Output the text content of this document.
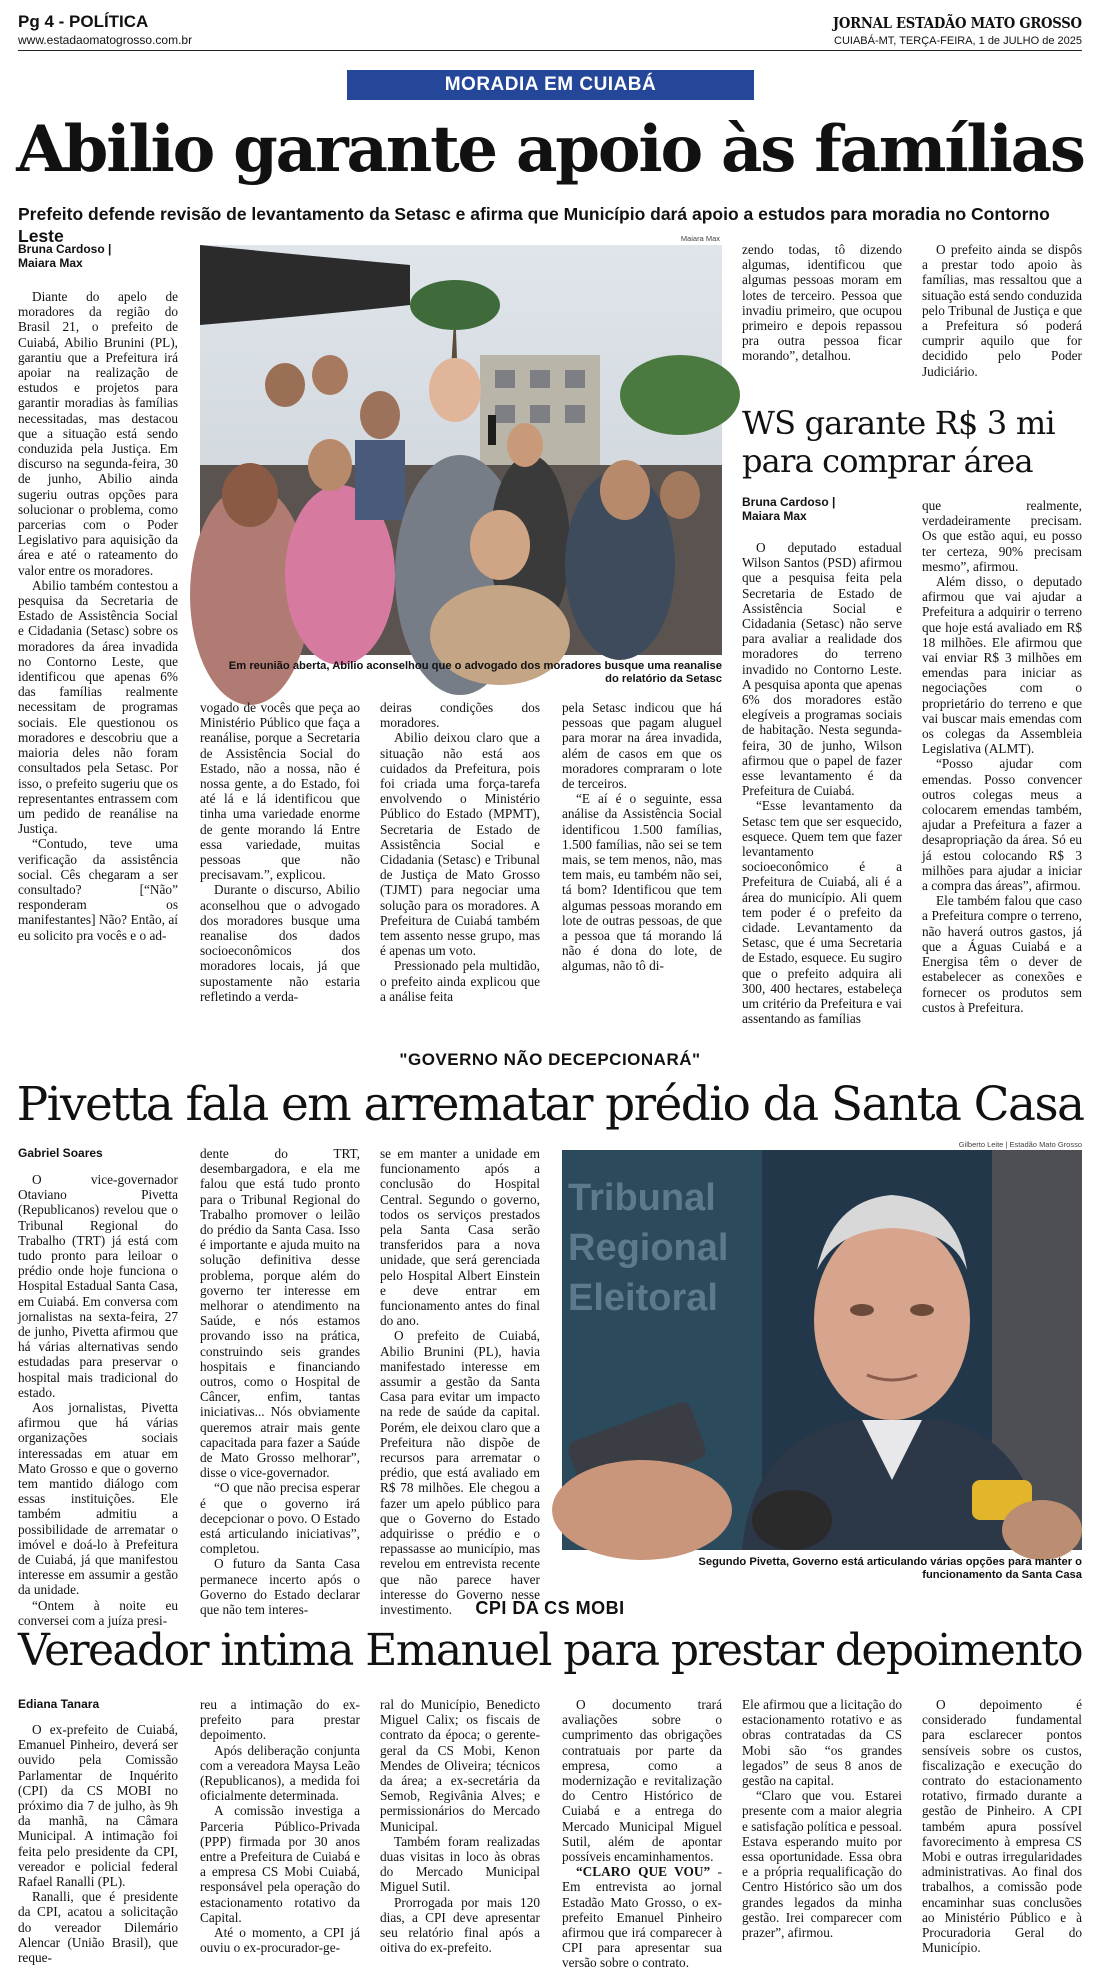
Pg 4 - POLÍTICA
www.estadaomatogrosso.com.br
JORNAL ESTADÃO MATO GROSSO
CUIABÁ-MT, TERÇA-FEIRA, 1 de JULHO de 2025
MORADIA EM CUIABÁ
Abilio garante apoio às famílias
Prefeito defende revisão de levantamento da Setasc e afirma que Município dará apoio a estudos para moradia no Contorno Leste
Bruna Cardoso |
Maiara Max
Maiara Max
Em reunião aberta, Abilio aconselhou que o advogado dos moradores busque uma reanalise do relatório da Setasc

Diante do apelo de moradores da região do Brasil 21, o prefeito de Cuiabá, Abilio Brunini (PL), garantiu que a Prefeitura irá apoiar na realização de estudos e projetos para garantir moradias às famílias necessitadas, mas destacou que a situação está sendo conduzida pela Justiça. Em discurso na segunda-feira, 30 de junho, Abilio ainda sugeriu outras opções para solucionar o problema, como parcerias com o Poder Legislativo para aquisição da área e até o rateamento do valor entre os moradores.

Abilio também contestou a pesquisa da Secretaria de Estado de Assistência Social e Cidadania (Setasc) sobre os moradores da área invadida no Contorno Leste, que identificou que apenas 6% das famílias realmente necessitam de programas sociais. Ele questionou os moradores e descobriu que a maioria deles não foram consultados pela Setasc. Por isso, o prefeito sugeriu que os representantes entrassem com um pedido de reanálise na Justiça.

“Contudo, teve uma verificação da assistência social. Cês chegaram a ser consultado? [“Não” responderam os manifestantes] Não? Então, aí eu solicito pra vocês e o ad-

vogado de vocês que peça ao Ministério Público que faça a reanálise, porque a Secretaria de Assistência Social do Estado, não a nossa, não é nossa gente, a do Estado, foi até lá e lá identificou que tinha uma variedade enorme de gente morando lá Entre essa variedade, muitas pessoas que não precisavam.”, explicou.

Durante o discurso, Abilio aconselhou que o advogado dos moradores busque uma reanalise dos dados socioeconômicos dos moradores locais, já que supostamente não estaria refletindo a verda-

deiras condições dos moradores.

Abilio deixou claro que a situação não está aos cuidados da Prefeitura, pois foi criada uma força-tarefa envolvendo o Ministério Público do Estado (MPMT), Secretaria de Estado de Assistência Social e Cidadania (Setasc) e Tribunal de Justiça de Mato Grosso (TJMT) para negociar uma solução para os moradores. A Prefeitura de Cuiabá também tem assento nesse grupo, mas é apenas um voto.

Pressionado pela multidão, o prefeito ainda explicou que a análise feita

pela Setasc indicou que há pessoas que pagam aluguel para morar na área invadida, além de casos em que os moradores compraram o lote de terceiros.

“E aí é o seguinte, essa análise da Assistência Social identificou 1.500 famílias, 1.500 famílias, não sei se tem mais, se tem menos, não, mas tem mais, eu também não sei, tá bom? Identificou que tem algumas pessoas morando em lote de outras pessoas, de que a pessoa que tá morando lá não é dona do lote, de algumas, não tô di-

zendo todas, tô dizendo algumas, identificou que algumas pessoas moram em lotes de terceiro. Pessoa que invadiu primeiro, que ocupou primeiro e depois repassou pra outra pessoa ficar morando”, detalhou.

O prefeito ainda se dispôs a prestar todo apoio às famílias, mas ressaltou que a situação está sendo conduzida pelo Tribunal de Justiça e que a Prefeitura só poderá cumprir aquilo que for decidido pelo Poder Judiciário.

WS garante R$ 3 mi para comprar área
Bruna Cardoso |
Maiara Max

O deputado estadual Wilson Santos (PSD) afirmou que a pesquisa feita pela Secretaria de Estado de Assistência Social e Cidadania (Setasc) não serve para avaliar a realidade dos moradores do terreno invadido no Contorno Leste. A pesquisa aponta que apenas 6% dos moradores estão elegíveis a programas sociais de habitação. Nesta segunda-feira, 30 de junho, Wilson afirmou que o papel de fazer esse levantamento é da Prefeitura de Cuiabá.

“Esse levantamento da Setasc tem que ser esquecido, esquece. Quem tem que fazer levantamento socioeconômico é a Prefeitura de Cuiabá, ali é a área do município. Ali quem tem poder é o prefeito da cidade. Levantamento da Setasc, que é uma Secretaria de Estado, esquece. Eu sugiro que o prefeito adquira ali 300, 400 hectares, estabeleça um critério da Prefeitura e vai assentando as famílias

que realmente, verdadeiramente precisam. Os que estão aqui, eu posso ter certeza, 90% precisam mesmo”, afirmou.

Além disso, o deputado afirmou que vai ajudar a Prefeitura a adquirir o terreno que hoje está avaliado em R$ 18 milhões. Ele afirmou que vai enviar R$ 3 milhões em emendas para iniciar as negociações com o proprietário do terreno e que vai buscar mais emendas com os colegas da Assembleia Legislativa (ALMT).

“Posso ajudar com emendas. Posso convencer outros colegas meus a colocarem emendas também, ajudar a Prefeitura a fazer a desapropriação da área. Só eu já estou colocando R$ 3 milhões para ajudar a iniciar a compra das áreas”, afirmou.

Ele também falou que caso a Prefeitura compre o terreno, não haverá outros gastos, já que a Águas Cuiabá e a Energisa têm o dever de estabelecer as conexões e fornecer os produtos sem custos à Prefeitura.

"GOVERNO NÃO DECEPCIONARÁ"
Pivetta fala em arrematar prédio da Santa Casa
Gabriel Soares

O vice-governador Otaviano Pivetta (Republicanos) revelou que o Tribunal Regional do Trabalho (TRT) já está com tudo pronto para leiloar o prédio onde hoje funciona o Hospital Estadual Santa Casa, em Cuiabá. Em conversa com jornalistas na sexta-feira, 27 de junho, Pivetta afirmou que há várias alternativas sendo estudadas para preservar o hospital mais tradicional do estado.

Aos jornalistas, Pivetta afirmou que há várias organizações sociais interessadas em atuar em Mato Grosso e que o governo tem mantido diálogo com essas instituições. Ele também admitiu a possibilidade de arrematar o imóvel e doá-lo à Prefeitura de Cuiabá, já que manifestou interesse em assumir a gestão da unidade.

“Ontem à noite eu conversei com a juíza presi-

dente do TRT, desembargadora, e ela me falou que está tudo pronto para o Tribunal Regional do Trabalho promover o leilão do prédio da Santa Casa. Isso é importante e ajuda muito na solução definitiva desse problema, porque além do governo ter interesse em melhorar o atendimento na Saúde, e nós estamos provando isso na prática, construindo seis grandes hospitais e financiando outros, como o Hospital de Câncer, enfim, tantas iniciativas... Nós obviamente queremos atrair mais gente capacitada para fazer a Saúde de Mato Grosso melhorar”, disse o vice-governador.

“O que não precisa esperar é que o governo irá decepcionar o povo. O Estado está articulando iniciativas”, completou.

O futuro da Santa Casa permanece incerto após o Governo do Estado declarar que não tem interes-

se em manter a unidade em funcionamento após a conclusão do Hospital Central. Segundo o governo, todos os serviços prestados pela Santa Casa serão transferidos para a nova unidade, que será gerenciada pelo Hospital Albert Einstein e deve entrar em funcionamento antes do final do ano.

O prefeito de Cuiabá, Abilio Brunini (PL), havia manifestado interesse em assumir a gestão da Santa Casa para evitar um impacto na rede de saúde da capital. Porém, ele deixou claro que a Prefeitura não dispõe de recursos para arrematar o prédio, que está avaliado em R$ 78 milhões. Ele chegou a fazer um apelo público para que o Governo do Estado adquirisse o prédio e o repassasse ao município, mas revelou em entrevista recente que não parece haver interesse do Governo nesse investimento.

Gilberto Leite | Estadão Mato Grosso
Tribunal
Regional
Eleitoral
Segundo Pivetta, Governo está articulando várias opções para manter o funcionamento da Santa Casa
CPI DA CS MOBI
Vereador intima Emanuel para prestar depoimento
Ediana Tanara

O ex-prefeito de Cuiabá, Emanuel Pinheiro, deverá ser ouvido pela Comissão Parlamentar de Inquérito (CPI) da CS MOBI no próximo dia 7 de julho, às 9h da manhã, na Câmara Municipal. A intimação foi feita pelo presidente da CPI, vereador e policial federal Rafael Ranalli (PL).

Ranalli, que é presidente da CPI, acatou a solicitação do vereador Dilemário Alencar (União Brasil), que reque-

reu a intimação do ex-prefeito para prestar depoimento.

Após deliberação conjunta com a vereadora Maysa Leão (Republicanos), a medida foi oficialmente determinada.

A comissão investiga a Parceria Público-Privada (PPP) firmada por 30 anos entre a Prefeitura de Cuiabá e a empresa CS Mobi Cuiabá, responsável pela operação do estacionamento rotativo da Capital.

Até o momento, a CPI já ouviu o ex-procurador-ge-

ral do Município, Benedicto Miguel Calix; os fiscais de contrato da época; o gerente-geral da CS Mobi, Kenon Mendes de Oliveira; técnicos da área; a ex-secretária da Semob, Regivânia Alves; e permissionários do Mercado Municipal.

Também foram realizadas duas visitas in loco às obras do Mercado Municipal Miguel Sutil.

Prorrogada por mais 120 dias, a CPI deve apresentar seu relatório final após a oitiva do ex-prefeito.

O documento trará avaliações sobre o cumprimento das obrigações contratuais por parte da empresa, como a modernização e revitalização do Centro Histórico de Cuiabá e a entrega do Mercado Municipal Miguel Sutil, além de apontar possíveis encaminhamentos.

“CLARO QUE VOU” - Em entrevista ao jornal Estadão Mato Grosso, o ex-prefeito Emanuel Pinheiro afirmou que irá comparecer à CPI para apresentar sua versão sobre o contrato.

Ele afirmou que a licitação do estacionamento rotativo e as obras contratadas da CS Mobi são “os grandes legados” de seus 8 anos de gestão na capital.

“Claro que vou. Estarei presente com a maior alegria e satisfação política e pessoal. Estava esperando muito por essa oportunidade. Essa obra e a própria requalificação do Centro Histórico são um dos grandes legados da minha gestão. Irei comparecer com prazer”, afirmou.

O depoimento é considerado fundamental para esclarecer pontos sensíveis sobre os custos, fiscalização e execução do contrato do estacionamento rotativo, firmado durante a gestão de Pinheiro. A CPI também apura possível favorecimento à empresa CS Mobi e outras irregularidades administrativas. Ao final dos trabalhos, a comissão pode encaminhar suas conclusões ao Ministério Público e à Procuradoria Geral do Município.
